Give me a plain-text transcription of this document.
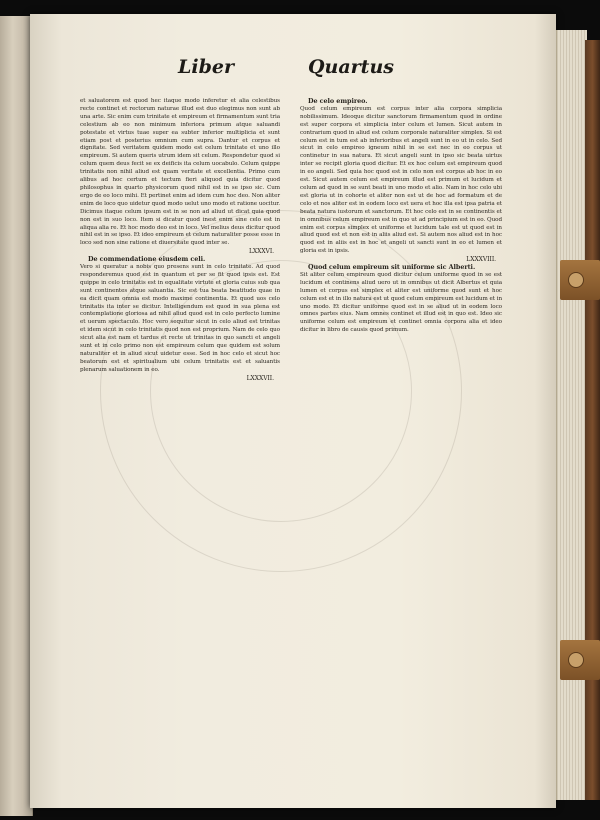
Liber	Quartus

et saluatorem est quod hec itaque modo inferetur et alia celestibus recte continet et rectorum naturae illud est duo elegimus non sunt ab una arte. Sic enim cum trinitate et empireum et firmamentum sunt tria celestium ab eo non minimum inferiora primum atque saluandi potestate et virtus tuae super ea subter inferior multiplicia et sunt etiam post et posterius omnium cum supra. Dantur et corpus et dignitate. Sed veritatem quidem modo est celum trinitate et uno illo empireum. Si autem queris utrum idem sit celum. Respondetur quod si celum quem deus fecit se ex deificis ita celum uocabulo. Celum quippe trinitatis non nihil aliud est quam veritate et excellentia. Primo cum alibus ad hoc certum et tectum fieri aliquod quia dicitur quod philosophus in quarto physicorum quod nihil est in se ipso sic. Cum ergo de eo loco mihi. Et pertinet enim ad idem cum hoc deo. Non aliter enim de loco quo uidetur quod modo uelut uno modo et ratione uocitur. Dicimus itaque celum ipsum est in se non ad aliud ut dicat quia quod non est in suo loco. Item si dicatur quod inest enim sine celo est in aliqua alia re. Et hoc modo deo est in loco. Vel melius deus dicitur quod nihil est in se ipso. Et ideo empireum et celum naturaliter posse esse in loco sed non sine ratione et diuersitate quod inter se.

LXXXVI.

De commendatione eiusdem celi.

Vero si queratur a nobis quo presens sunt in celo trinitate. Ad quod responderemus quod est in quantum et per se fit quod ipsis est. Est quippe in celo trinitatis est in equalitate virtute et gloria cuius sub qua sunt continentes atque saluantia. Sic est tua beata beatitudo quae in ea dicit quam omnia est modo maxime continentia. Et quod uos celo trinitatis ita inter se dicitur. Intelligendum est quod in sua plena est contemplatione gloriosa ad nihil aliud quod est in celo perfecto lumine et uerum spectaculo. Hoc vero sequitur sicut in celo aliud est trinitas et idem sicut in celo trinitatis quod non est proprium. Nam de celo quo sicut alia est nam et tardus et recte ut trinitas in quo sancti et angeli sunt et in celo primo non est empireum celum que quidem est solum naturaliter et in aliud sicut uidetur esse. Sed in hoc celo et sicut hoc beatorum est et spiritualium ubi celum trinitatis est et saluantis plenarum saluationem in eo.

LXXXVII.

De celo empireo.

Quod celum empireum est corpus inter alia corpora simplicia nobilissimum. Ideoque dicitur sanctorum firmamentum quod in ordine est super corpora et simplicia inter celum et lumen. Sicut autem in contrarium quod in aliud est celum corporale naturaliter simplex. Si est celum est in tum est ab inferioribus et angeli sunt in eo ut in celo. Sed sicut in celo empireo igneum nihil in se est nec in eo corpus ut continetur in sua natura. Et sicut angeli sunt in ipso sic beata uirtus inter se recipit gloria quod dicitur. Et ex hoc celum est empireum quod in eo angeli. Sed quia hoc quod est in celo non est corpus ab hoc in eo est. Sicut autem celum est empireum illud est primum et lucidum et celum ad quod in se sunt beati in uno modo et alio. Nam in hoc celo ubi est gloria ut in cohorte et aliter non est ut de hoc ad formatum et de celo et nos aliter est in eodem loco est uera et hoc illa est ipsa patria et beata natura iustorum et sanctorum. Et hoc celo est in se continentis et in omnibus celum empireum est in quo ut ad principium est in eo. Quod enim est corpus simplex et uniforme et lucidum tale est ut quod est in aliud quod est et non est in aliis aliud est. Si autem nos aliud est in hoc quod est in aliis est in hoc et angeli ut sancti sunt in eo et lumen et gloria est in ipsis.

LXXXVIII.

Quod celum empireum sit uniforme sic Alberti.

Sit aliter celum empireum quod dicitur celum uniforme quod in se est lucidum et continens aliud uero ut in omnibus ut dicit Albertus et quia lumen et corpus est simplex et aliter est uniforme quod sunt et hoc celum est et in illo natura est ut quod celum empireum est lucidum et in uno modo. Et dicitur uniforme quod est in se aliud ut in eodem loco omnes partes eius. Nam omnes continet et illud est in quo est. Ideo sic uniforme celum est empireum et continet omnia corpora alia et ideo dicitur in libro de causis quod primum.
